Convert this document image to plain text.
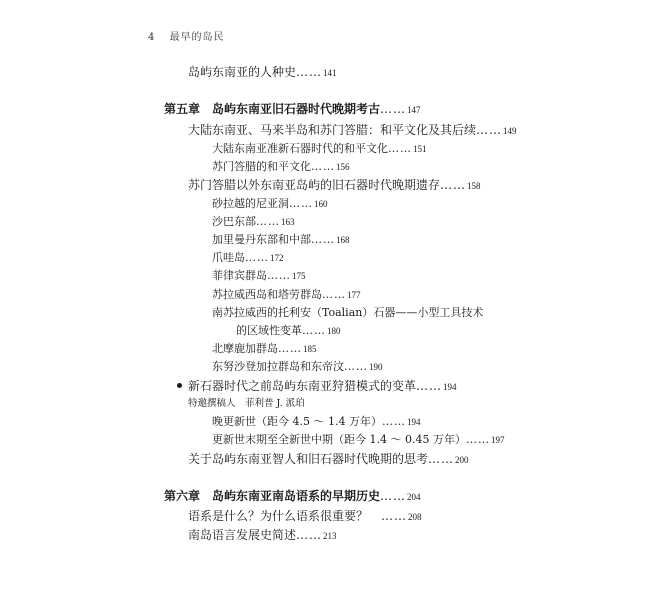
4 最早的岛民
岛屿东南亚的人种史……141
第五章　岛屿东南亚旧石器时代晚期考古……147
大陆东南亚、马来半岛和苏门答腊：和平文化及其后续……149
大陆东南亚准新石器时代的和平文化……151
苏门答腊的和平文化……156
苏门答腊以外东南亚岛屿的旧石器时代晚期遗存……158
砂拉越的尼亚洞……160
沙巴东部……163
加里曼丹东部和中部……168
爪哇岛……172
菲律宾群岛……175
苏拉威西岛和塔劳群岛……177
南苏拉威西的托利安（Toalian）石器——小型工具技术
的区域性变革……180
北摩鹿加群岛……185
东努沙登加拉群岛和东帝汶……190
新石器时代之前岛屿东南亚狩猎模式的变革……194
特邀撰稿人　菲利普 J. 派珀
晚更新世（距今 4.5 ～ 1.4 万年）……194
更新世末期至全新世中期（距今 1.4 ～ 0.45 万年）……197
关于岛屿东南亚智人和旧石器时代晚期的思考……200
第六章　岛屿东南亚南岛语系的早期历史……204
语系是什么？为什么语系很重要？　……208
南岛语言发展史简述……213
